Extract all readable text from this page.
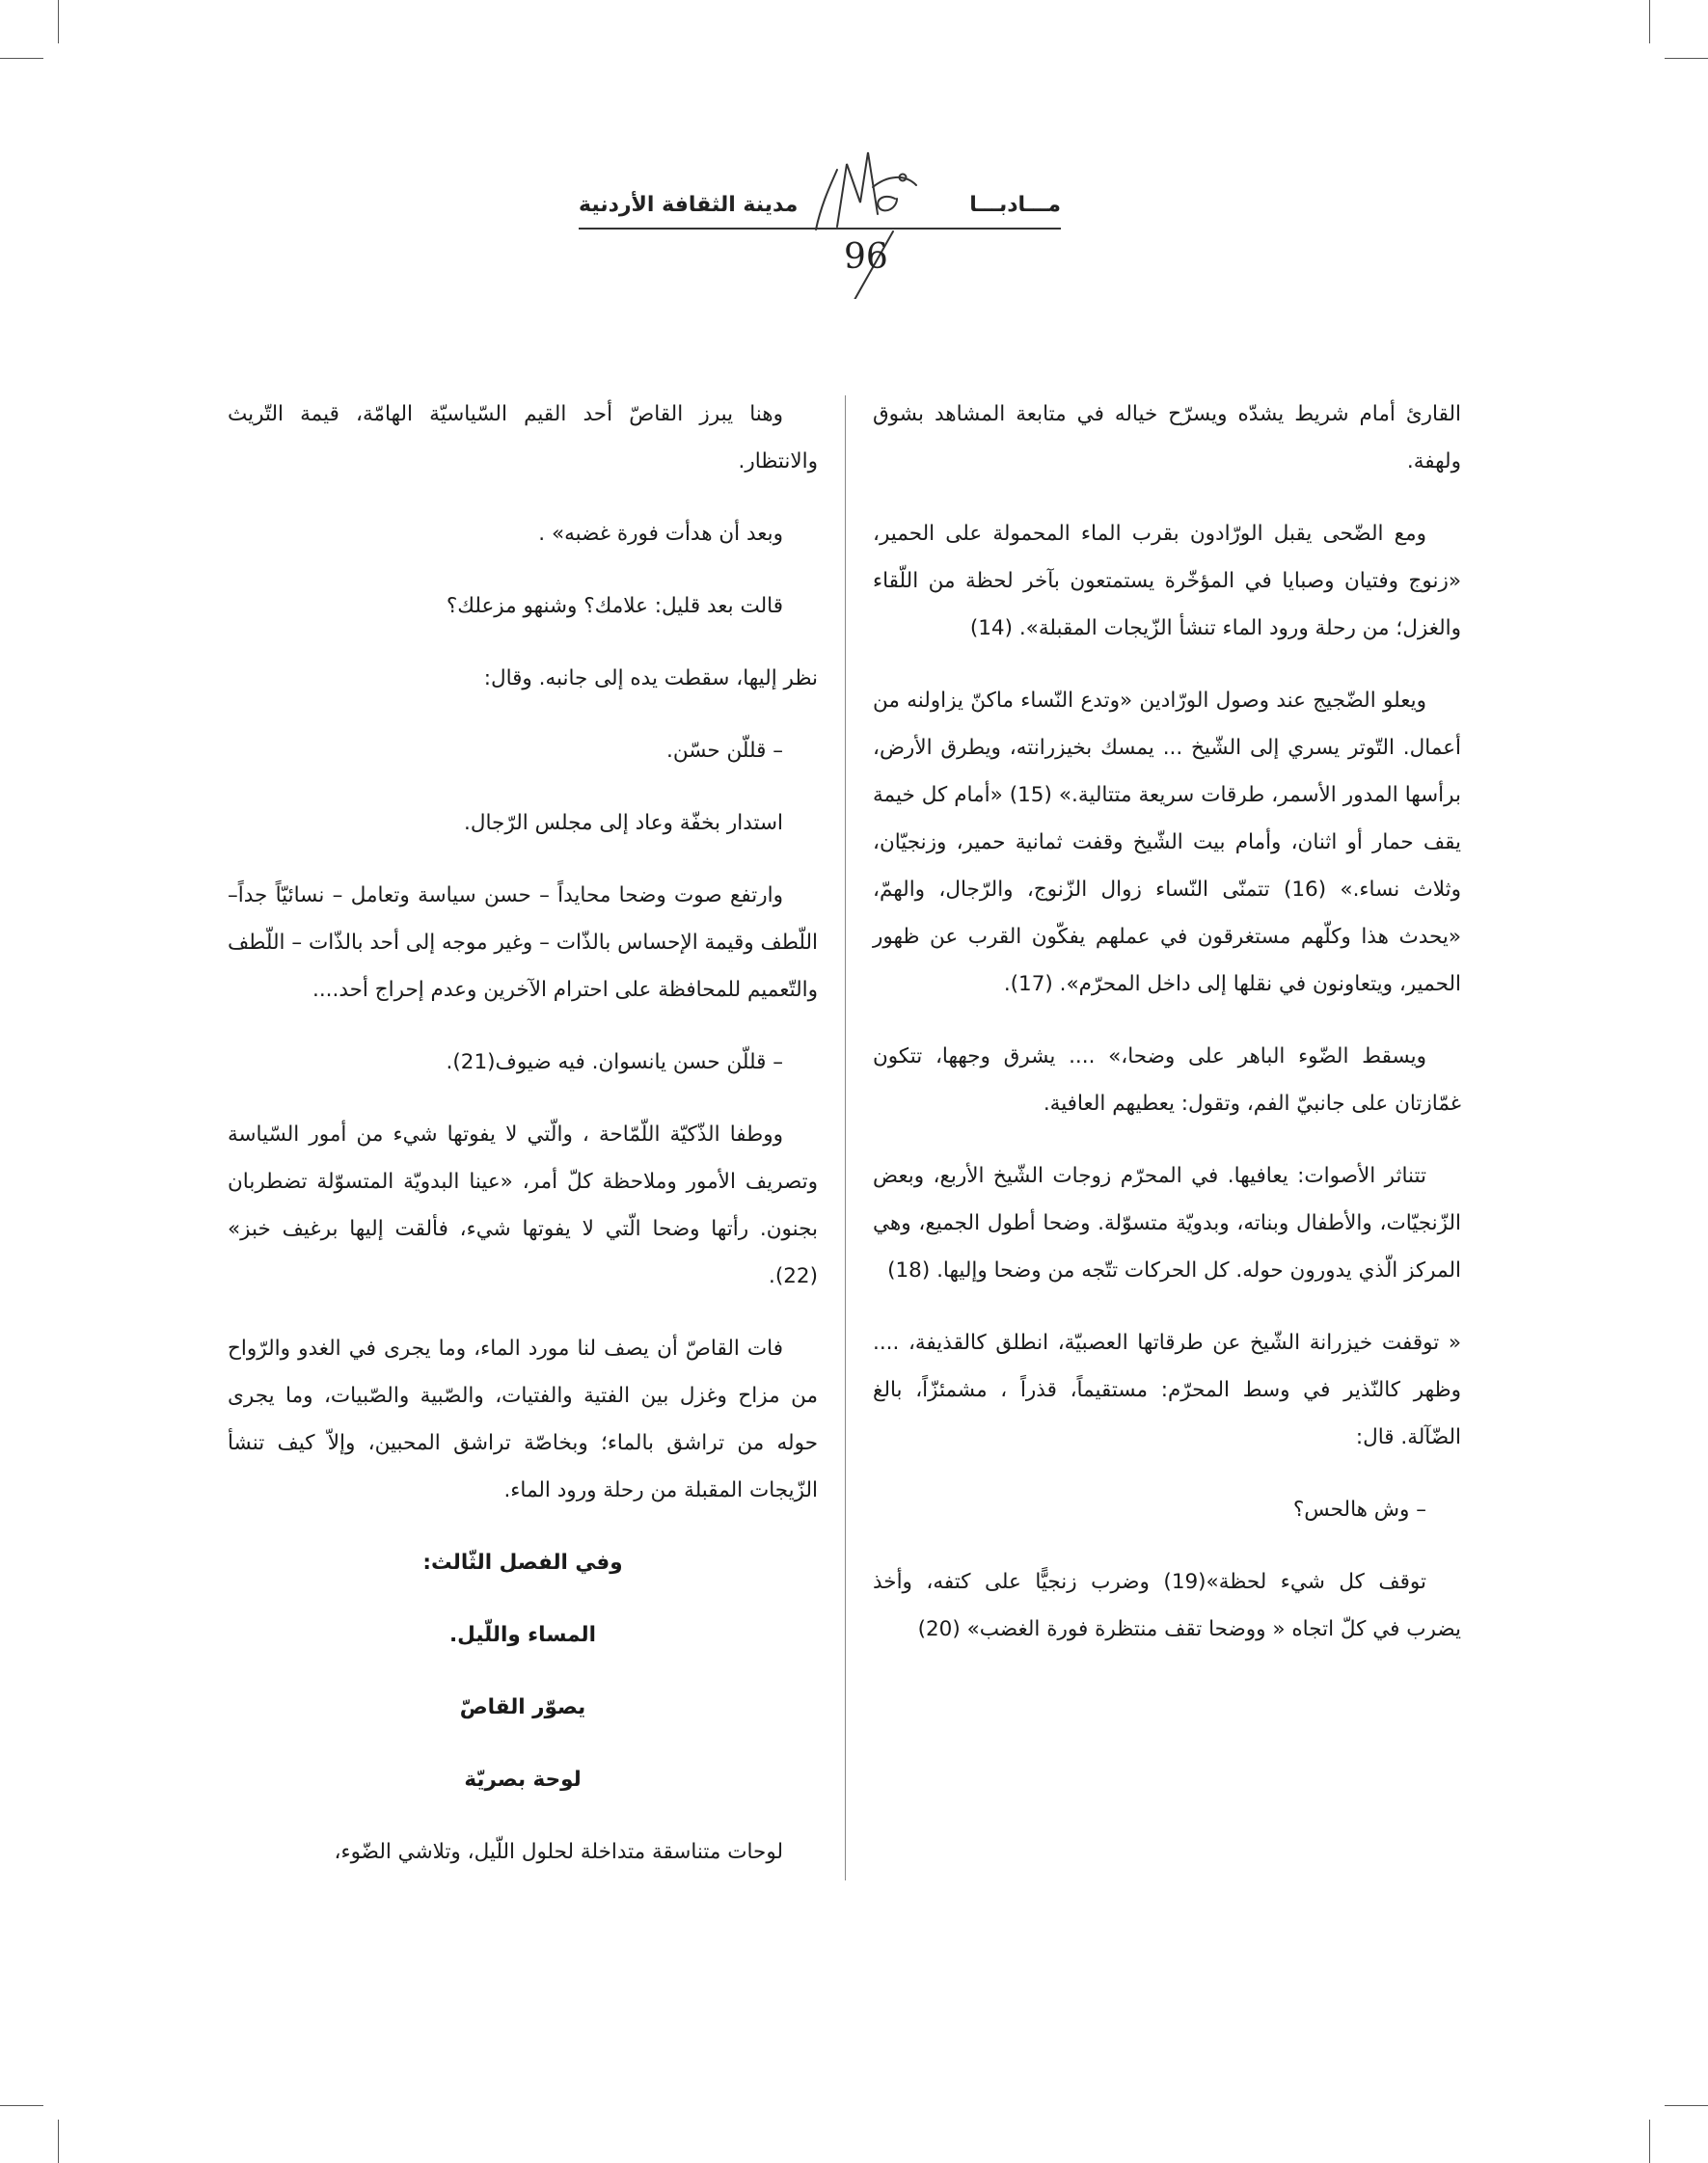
مدينة الثقافة الأردنية	مـــادبـــا
96

القارئ أمام شريط يشدّه ويسرّح خياله في متابعة المشاهد بشوق ولهفة.

ومع الضّحى يقبل الورّادون بقرب الماء المحمولة على الحمير، «زنوج وفتيان وصبايا في المؤخّرة يستمتعون بآخر لحظة من اللّقاء والغزل؛ من رحلة ورود الماء تنشأ الزّيجات المقبلة». (14)

ويعلو الضّجيج عند وصول الورّادين «وتدع النّساء ماكنّ يزاولنه من أعمال. التّوتر يسري إلى الشّيخ ... يمسك بخيزرانته، ويطرق الأرض، برأسها المدور الأسمر، طرقات سريعة متتالية.» (15) «أمام كل خيمة يقف حمار أو اثنان، وأمام بيت الشّيخ وقفت ثمانية حمير، وزنجيّان، وثلاث نساء.» (16) تتمنّى النّساء زوال الزّنوج، والرّجال، والهمّ، «يحدث هذا وكلّهم مستغرقون في عملهم يفكّون القرب عن ظهور الحمير، ويتعاونون في نقلها إلى داخل المحرّم». (17).

ويسقط الضّوء الباهر على وضحا،» .... يشرق وجهها، تتكون غمّازتان على جانبيّ الفم، وتقول: يعطيهم العافية.

تتناثر الأصوات: يعافيها. في المحرّم زوجات الشّيخ الأربع، وبعض الزّنجيّات، والأطفال وبناته، وبدويّة متسوّلة. وضحا أطول الجميع، وهي المركز الّذي يدورون حوله. كل الحركات تتّجه من وضحا وإليها. (18)

« توقفت خيزرانة الشّيخ عن طرقاتها العصبيّة، انطلق كالقذيفة، .... وظهر كالنّذير في وسط المحرّم: مستقيماً، قذراً ، مشمئزّاً، بالغ الضّآلة. قال:

– وش هالحس؟

توقف كل شيء لحظة»(19) وضرب زنجيًّا على كتفه، وأخذ يضرب في كلّ اتجاه « ووضحا تقف منتظرة فورة الغضب» (20)

وهنا يبرز القاصّ أحد القيم السّياسيّة الهامّة، قيمة التّريث والانتظار.

وبعد أن هدأت فورة غضبه» .

قالت بعد قليل: علامك؟ وشنهو مزعلك؟

نظر إليها، سقطت يده إلى جانبه. وقال:

– قللّن حسّن.

استدار بخفّة وعاد إلى مجلس الرّجال.

وارتفع صوت وضحا محايداً – حسن سياسة وتعامل – نسائيّاً جداً– اللّطف وقيمة الإحساس بالذّات – وغير موجه إلى أحد بالذّات – اللّطف والتّعميم للمحافظة على احترام الآخرين وعدم إحراج أحد....

– قللّن حسن يانسوان. فيه ضيوف(21).

ووطفا الذّكيّة اللّمّاحة ، والّتي لا يفوتها شيء من أمور السّياسة وتصريف الأمور وملاحظة كلّ أمر، «عينا البدويّة المتسوّلة تضطربان بجنون. رأتها وضحا الّتي لا يفوتها شيء، فألقت إليها برغيف خبز» (22).

فات القاصّ أن يصف لنا مورد الماء، وما يجرى في الغدو والرّواح من مزاح وغزل بين الفتية والفتيات، والصّبية والصّبيات، وما يجرى حوله من تراشق بالماء؛ وبخاصّة تراشق المحبين، وإلاّ كيف تنشأ الزّيجات المقبلة من رحلة ورود الماء.

وفي الفصل الثّالث:

المساء واللّيل.

يصوّر القاصّ

لوحة بصريّة

لوحات متناسقة متداخلة لحلول اللّيل، وتلاشي الضّوء،
